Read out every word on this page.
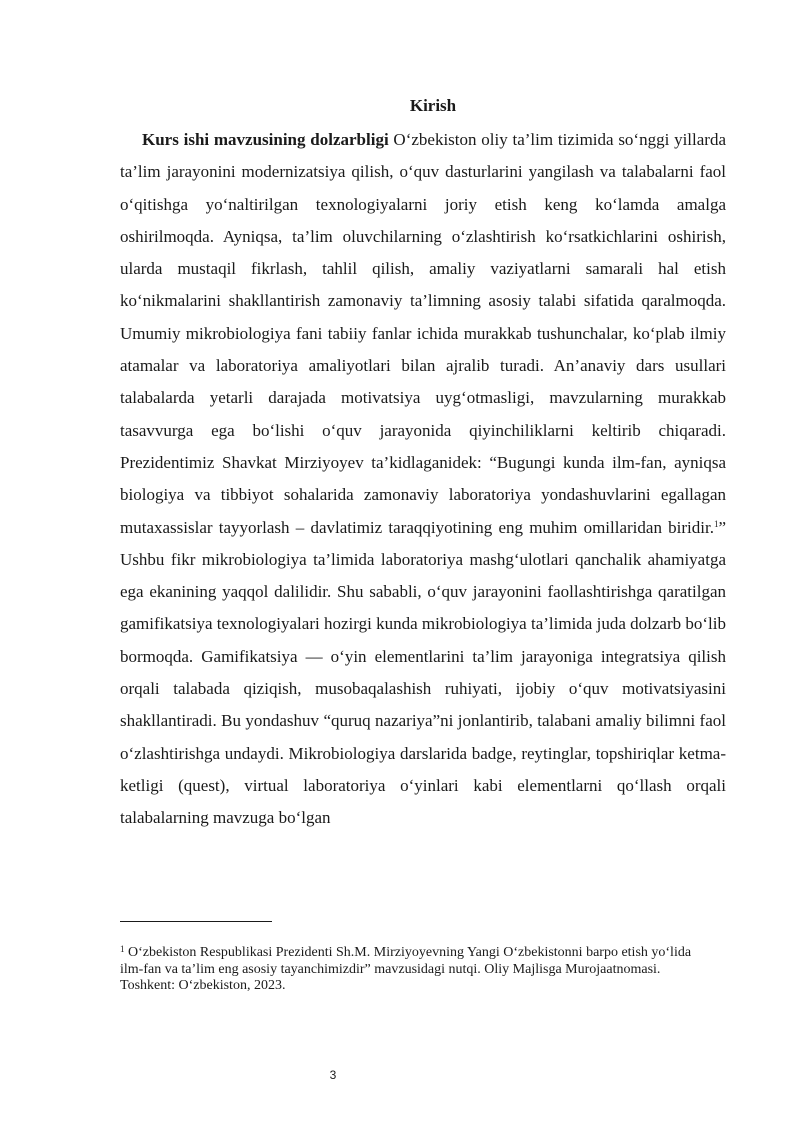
Kirish

Kurs ishi mavzusining dolzarbligi O‘zbekiston oliy ta’lim tizimida so‘nggi yillarda ta’lim jarayonini modernizatsiya qilish, o‘quv dasturlarini yangilash va talabalarni faol o‘qitishga yo‘naltirilgan texnologiyalarni joriy etish keng ko‘lamda amalga oshirilmoqda. Ayniqsa, ta’lim oluvchilarning o‘zlashtirish ko‘rsatkichlarini oshirish, ularda mustaqil fikrlash, tahlil qilish, amaliy vaziyatlarni samarali hal etish ko‘nikmalarini shakllantirish zamonaviy ta’limning asosiy talabi sifatida qaralmoqda. Umumiy mikrobiologiya fani tabiiy fanlar ichida murakkab tushunchalar, ko‘plab ilmiy atamalar va laboratoriya amaliyotlari bilan ajralib turadi. An’anaviy dars usullari talabalarda yetarli darajada motivatsiya uyg‘otmasligi, mavzularning murakkab tasavvurga ega bo‘lishi o‘quv jarayonida qiyinchiliklarni keltirib chiqaradi. Prezidentimiz Shavkat Mirziyoyev ta’kidlaganidek: “Bugungi kunda ilm-fan, ayniqsa biologiya va tibbiyot sohalarida zamonaviy laboratoriya yondashuvlarini egallagan mutaxassislar tayyorlash – davlatimiz taraqqiyotining eng muhim omillaridan biridir.$^1$” Ushbu fikr mikrobiologiya ta’limida laboratoriya mashg‘ulotlari qanchalik ahamiyatga ega ekanining yaqqol dalilidir. Shu sababli, o‘quv jarayonini faollashtirishga qaratilgan gamifikatsiya texnologiyalari hozirgi kunda mikrobiologiya ta’limida juda dolzarb bo‘lib bormoqda. Gamifikatsiya — o‘yin elementlarini ta’lim jarayoniga integratsiya qilish orqali talabada qiziqish, musobaqalashish ruhiyati, ijobiy o‘quv motivatsiyasini shakllantiradi. Bu yondashuv “quruq nazariya”ni jonlantirib, talabani amaliy bilimni faol o‘zlashtirishga undaydi. Mikrobiologiya darslarida badge, reytinglar, topshiriqlar ketma-ketligi (quest), virtual laboratoriya o‘yinlari kabi elementlarni qo‘llash orqali talabalarning mavzuga bo‘lgan

$^1$ O‘zbekiston Respublikasi Prezidenti Sh.M. Mirziyoyevning Yangi O‘zbekistonni barpo etish yo‘lida ilm-fan va ta’lim eng asosiy tayanchimizdir” mavzusidagi nutqi. Oliy Majlisga Murojaatnomasi. Toshkent: O‘zbekiston, 2023.

3
